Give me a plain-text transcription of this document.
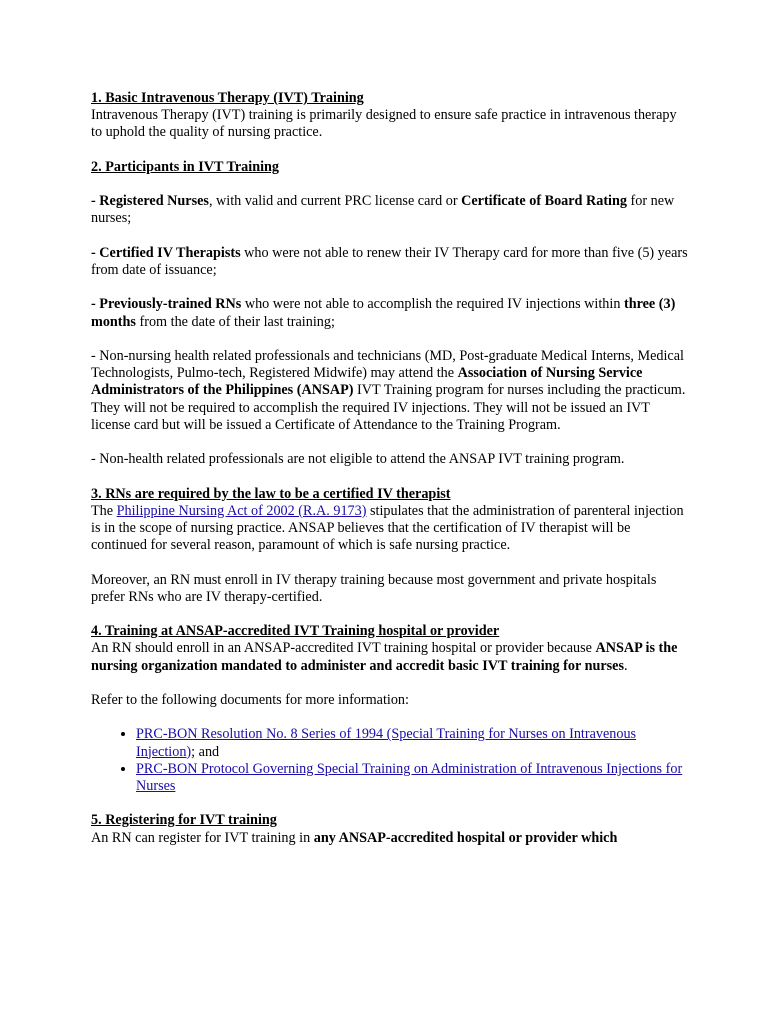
1. Basic Intravenous Therapy (IVT) Training

Intravenous Therapy (IVT) training is primarily designed to ensure safe practice in intravenous therapy to uphold the quality of nursing practice.

2. Participants in IVT Training

- Registered Nurses, with valid and current PRC license card or Certificate of Board Rating for new nurses;

- Certified IV Therapists who were not able to renew their IV Therapy card for more than five (5) years from date of issuance;

- Previously-trained RNs who were not able to accomplish the required IV injections within three (3) months from the date of their last training;

- Non-nursing health related professionals and technicians (MD, Post-graduate Medical Interns, Medical Technologists, Pulmo-tech, Registered Midwife) may attend the Association of Nursing Service Administrators of the Philippines (ANSAP) IVT Training program for nurses including the practicum. They will not be required to accomplish the required IV injections. They will not be issued an IVT license card but will be issued a Certificate of Attendance to the Training Program.

- Non-health related professionals are not eligible to attend the ANSAP IVT training program.

3. RNs are required by the law to be a certified IV therapist

The Philippine Nursing Act of 2002 (R.A. 9173) stipulates that the administration of parenteral injection is in the scope of nursing practice. ANSAP believes that the certification of IV therapist will be continued for several reason, paramount of which is safe nursing practice.

Moreover, an RN must enroll in IV therapy training because most government and private hospitals prefer RNs who are IV therapy-certified.

4. Training at ANSAP-accredited IVT Training hospital or provider

An RN should enroll in an ANSAP-accredited IVT training hospital or provider because ANSAP is the nursing organization mandated to administer and accredit basic IVT training for nurses.

Refer to the following documents for more information:

• PRC-BON Resolution No. 8 Series of 1994 (Special Training for Nurses on Intravenous Injection); and
• PRC-BON Protocol Governing Special Training on Administration of Intravenous Injections for Nurses

5. Registering for IVT training

An RN can register for IVT training in any ANSAP-accredited hospital or provider which
